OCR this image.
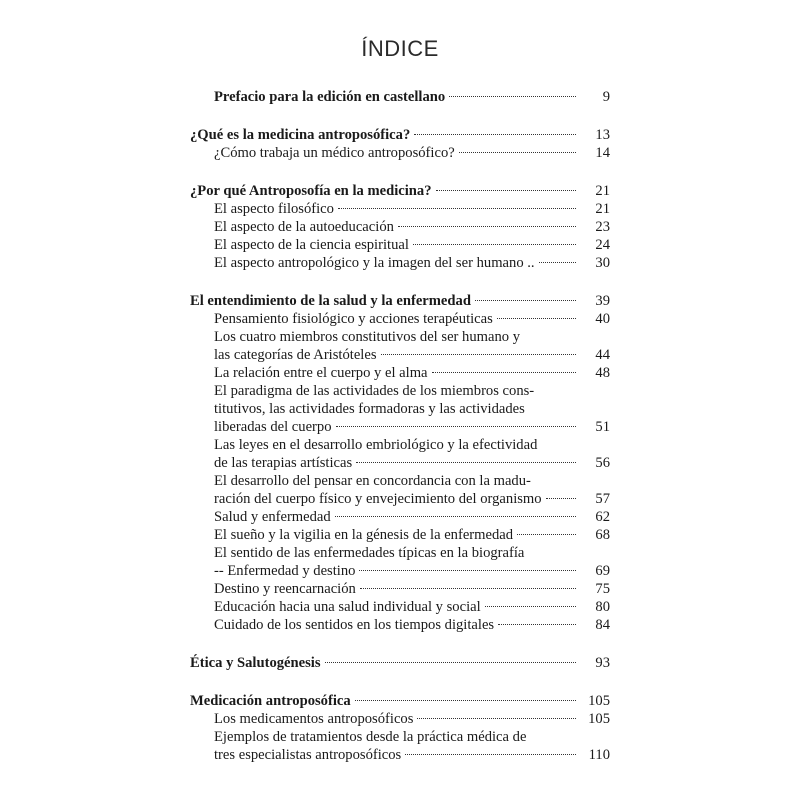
ÍNDICE
Prefacio para la edición en castellano	9
¿Qué es la medicina antroposófica?	13
¿Cómo trabaja un médico antroposófico?	14
¿Por qué Antroposofía en la medicina?	21
El aspecto filosófico	21
El aspecto de la autoeducación	23
El aspecto de la ciencia espiritual	24
El aspecto antropológico y la imagen del ser humano ..	30
El entendimiento de la salud y la enfermedad	39
Pensamiento fisiológico y acciones terapéuticas	40
Los cuatro miembros constitutivos del ser humano y
las categorías de Aristóteles	44
La relación entre el cuerpo y el alma	48
El paradigma de las actividades de los miembros cons-
titutivos, las actividades formadoras y las actividades
liberadas del cuerpo	51
Las leyes en el desarrollo embriológico y la efectividad
de las terapias artísticas	56
El desarrollo del pensar en concordancia con la madu-
ración del cuerpo físico y envejecimiento del organismo	57
Salud y enfermedad	62
El sueño y la vigilia en la génesis de la enfermedad	68
El sentido de las enfermedades típicas en la biografía
-- Enfermedad y destino	69
Destino y reencarnación	75
Educación hacia una salud individual y social	80
Cuidado de los sentidos en los tiempos digitales	84
Ética y Salutogénesis	93
Medicación antroposófica	105
Los medicamentos antroposóficos	105
Ejemplos de tratamientos desde la práctica médica de
tres especialistas antroposóficos	110
